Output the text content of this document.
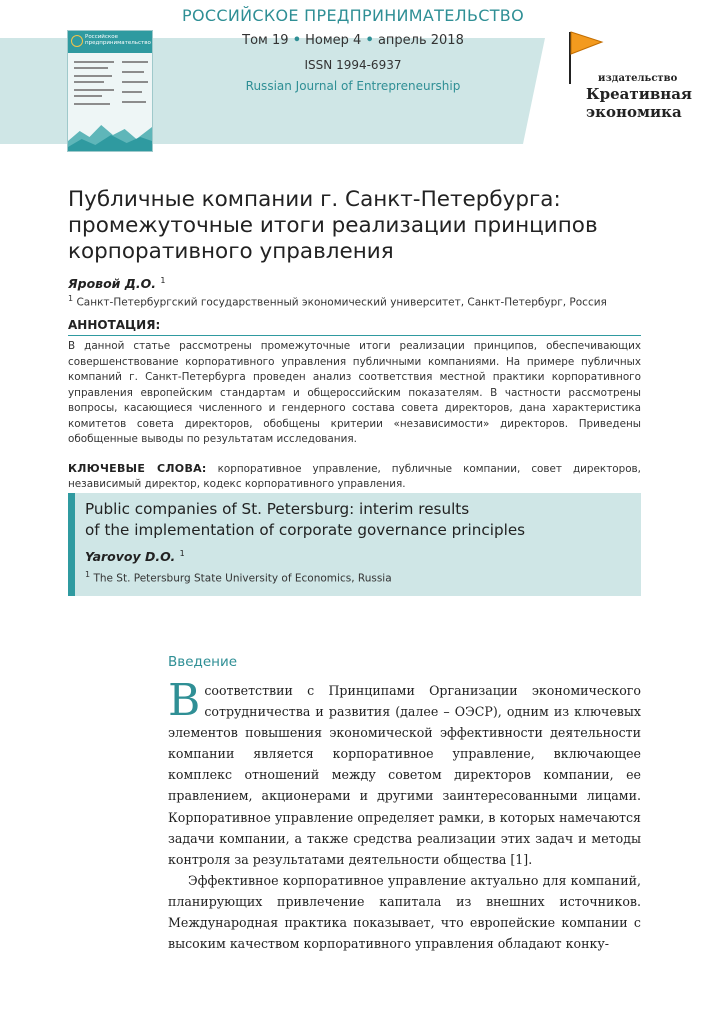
Российское
предпринимательство
РОССИЙСКОЕ ПРЕДПРИНИМАТЕЛЬСТВО
Том 19 • Номер 4 • апрель 2018
ISSN 1994-6937
Russian Journal of Entrepreneurship
издательство
Креативная
экономика
Публичные компании г. Санкт-Петербурга: промежуточные итоги реализации принципов корпоративного управления
Яровой Д.О. $^1$
$^1$ Санкт-Петербургский государственный экономический университет, Санкт-Петербург, Россия
АННОТАЦИЯ:
В данной статье рассмотрены промежуточные итоги реализации принципов, обеспечивающих совершенствование корпоративного управления публичными компаниями. На примере публичных компаний г. Санкт-Петербурга проведен анализ соответствия местной практики корпоративного управления европейским стандартам и общероссийским показателям. В частности рассмотрены вопросы, касающиеся численного и гендерного состава совета директоров, дана характеристика комитетов совета директоров, обобщены критерии «независимости» директоров. Приведены обобщенные выводы по результатам исследования.
КЛЮЧЕВЫЕ СЛОВА: корпоративное управление, публичные компании, совет директоров, независимый директор, кодекс корпоративного управления.
Public companies of St. Petersburg: interim results
of the implementation of corporate governance principles
Yarovoy D.O. $^1$
$^1$ The St. Petersburg State University of Economics, Russia
Введение

Всоответствии с Принципами Организации экономического сотрудничества и развития (далее – ОЭСР), одним из ключевых элементов повышения экономической эффективности деятельности компании является корпоративное управление, включающее комплекс отношений между советом директоров компании, ее правлением, акционерами и другими заинтересованными лицами. Корпоративное управление определяет рамки, в которых намечаются задачи компании, а также средства реализации этих задач и методы контроля за результатами деятельности общества [1].

Эффективное корпоративное управление актуально для компаний, планирующих привлечение капитала из внешних источников. Международная практика показывает, что европейские компании с высоким качеством корпоративного управления обладают конку-
